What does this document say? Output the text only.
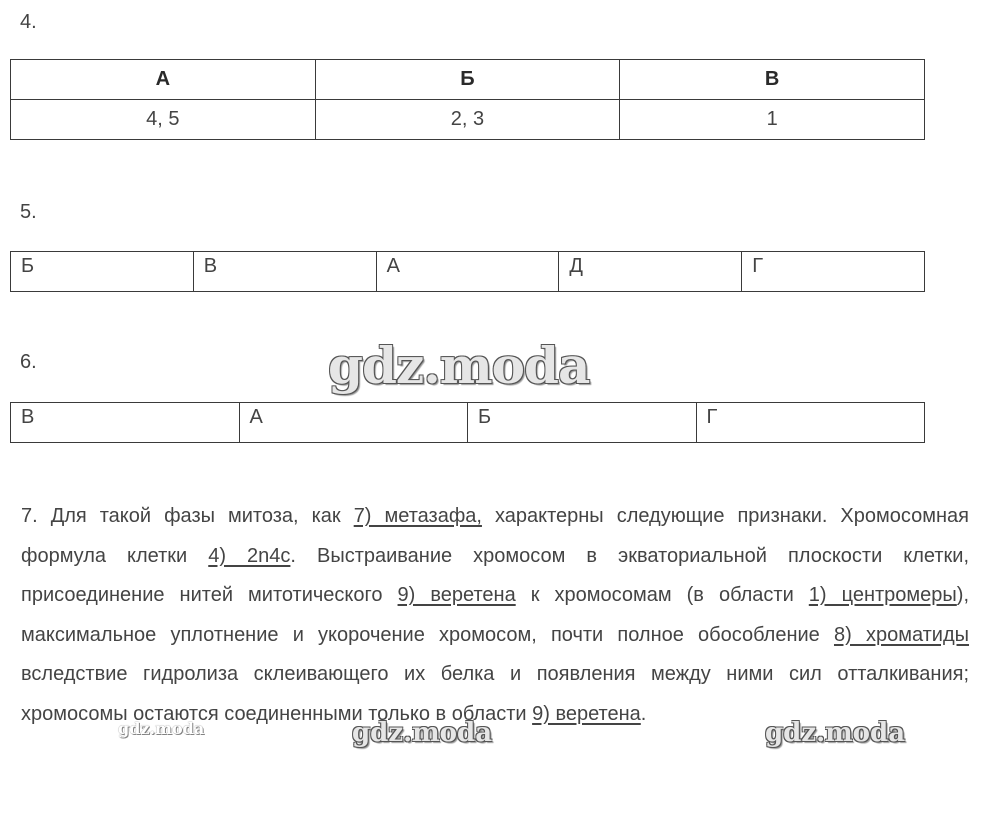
4.
А	Б	В
4, 5	2, 3	1
5.
Б	В	А	Д	Г
6.
В	А	Б	Г
7. Для такой фазы митоза, как 7) метазафа, характерны следующие признаки. Хромосомная формула клетки 4) 2n4c. Выстраивание хромосом в экваториальной плоскости клетки, присоединение нитей митотического 9) веретена к хромосомам (в области 1) центромеры), максимальное уплотнение и укорочение хромосом, почти полное обособление 8) хроматиды вследствие гидролиза склеивающего их белка и появления между ними сил отталкивания; хромосомы остаются соединенными только в области 9) веретена.
gdz.moda
gdz.moda	gdz.moda	gdz.moda
